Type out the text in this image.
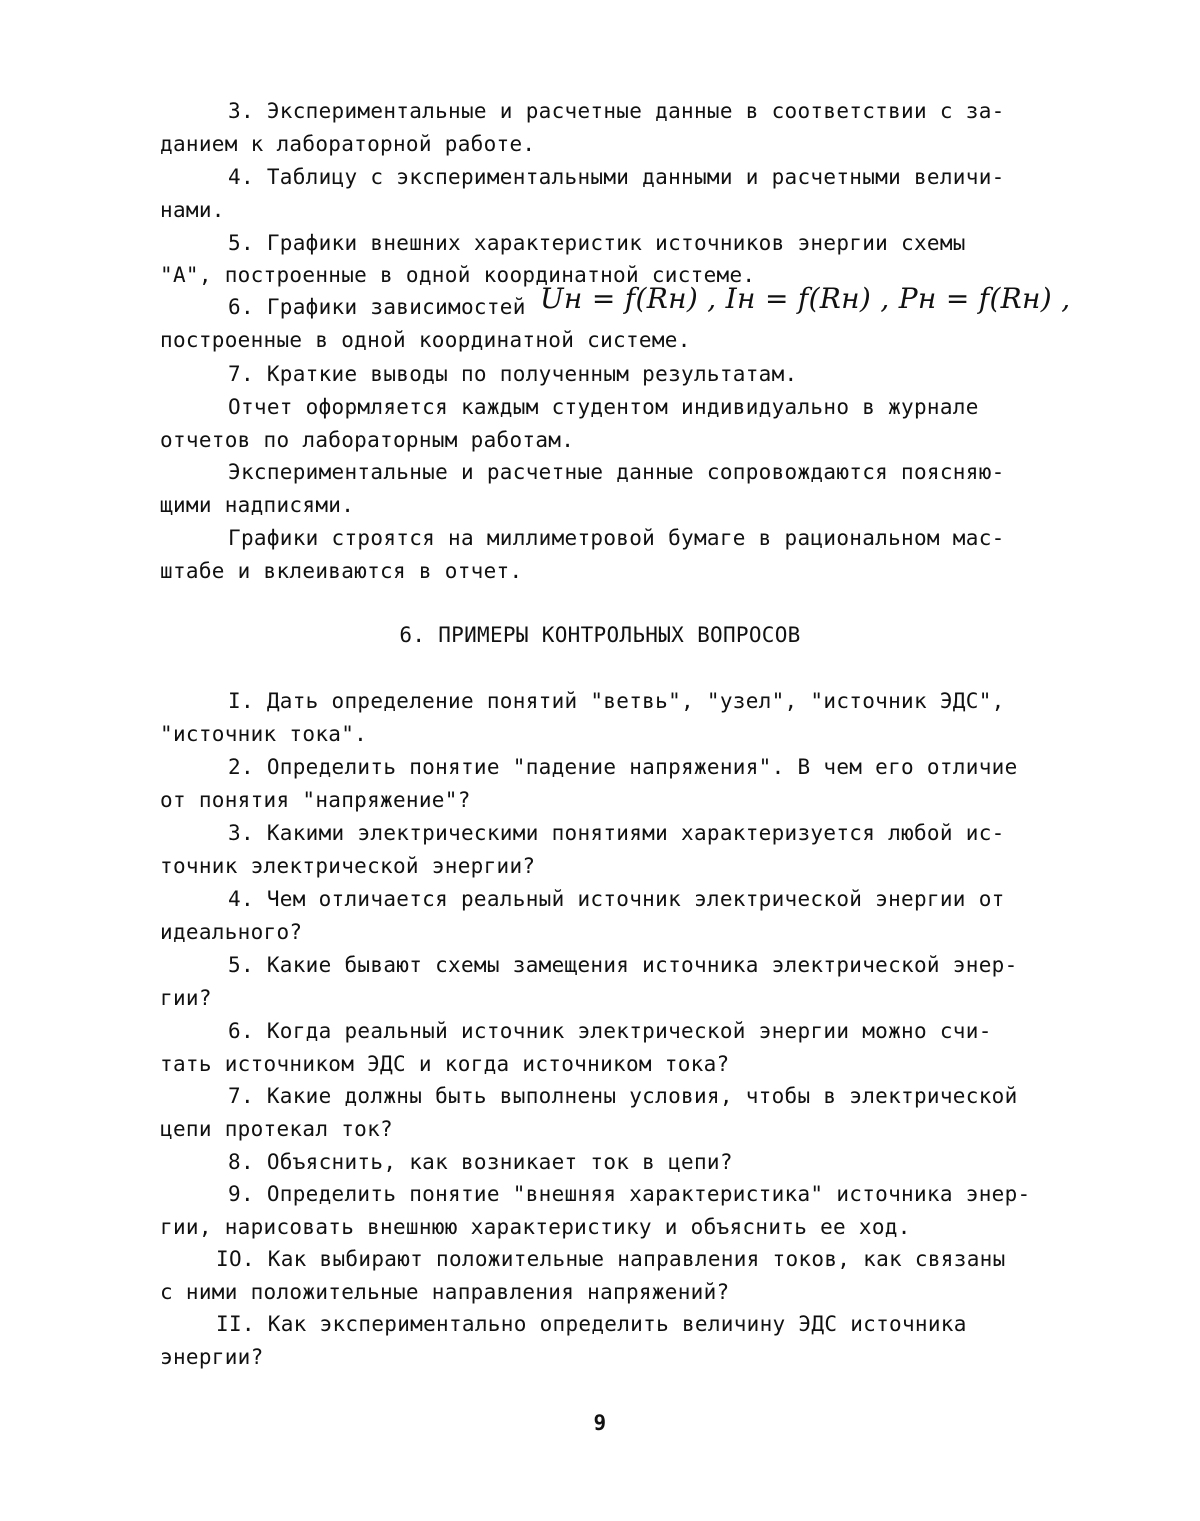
3. Экспериментальные и расчетные данные в соответствии с за-
данием к лабораторной работе.
4. Таблицу с экспериментальными данными и расчетными величи-
нами.
5. Графики внешних характеристик источников энергии схемы
"А", построенные в одной координатной системе.
6. Графики зависимостей Uн = f(Rн) , Iн = f(Rн) , Pн = f(Rн) ,
построенные в одной координатной системе.
7. Краткие выводы по полученным результатам.
Отчет оформляется каждым студентом индивидуально в журнале
отчетов по лабораторным работам.
Экспериментальные и расчетные данные сопровождаются поясняю-
щими надписями.
Графики строятся на миллиметровой бумаге в рациональном мас-
штабе и вклеиваются в отчет.
6. ПРИМЕРЫ КОНТРОЛЬНЫХ ВОПРОСОВ
I. Дать определение понятий "ветвь", "узел", "источник ЭДС",
"источник тока".
2. Определить понятие "падение напряжения". В чем его отличие
от понятия "напряжение"?
3. Какими электрическими понятиями характеризуется любой ис-
точник электрической энергии?
4. Чем отличается реальный источник электрической энергии от
идеального?
5. Какие бывают схемы замещения источника электрической энер-
гии?
6. Когда реальный источник электрической энергии можно счи-
тать источником ЭДС и когда источником тока?
7. Какие должны быть выполнены условия, чтобы в электрической
цепи протекал ток?
8. Объяснить, как возникает ток в цепи?
9. Определить понятие "внешняя характеристика" источника энер-
гии, нарисовать внешнюю характеристику и объяснить ее ход.
IO. Как выбирают положительные направления токов, как связаны
с ними положительные направления напряжений?
II. Как экспериментально определить величину ЭДС источника
энергии?
9
